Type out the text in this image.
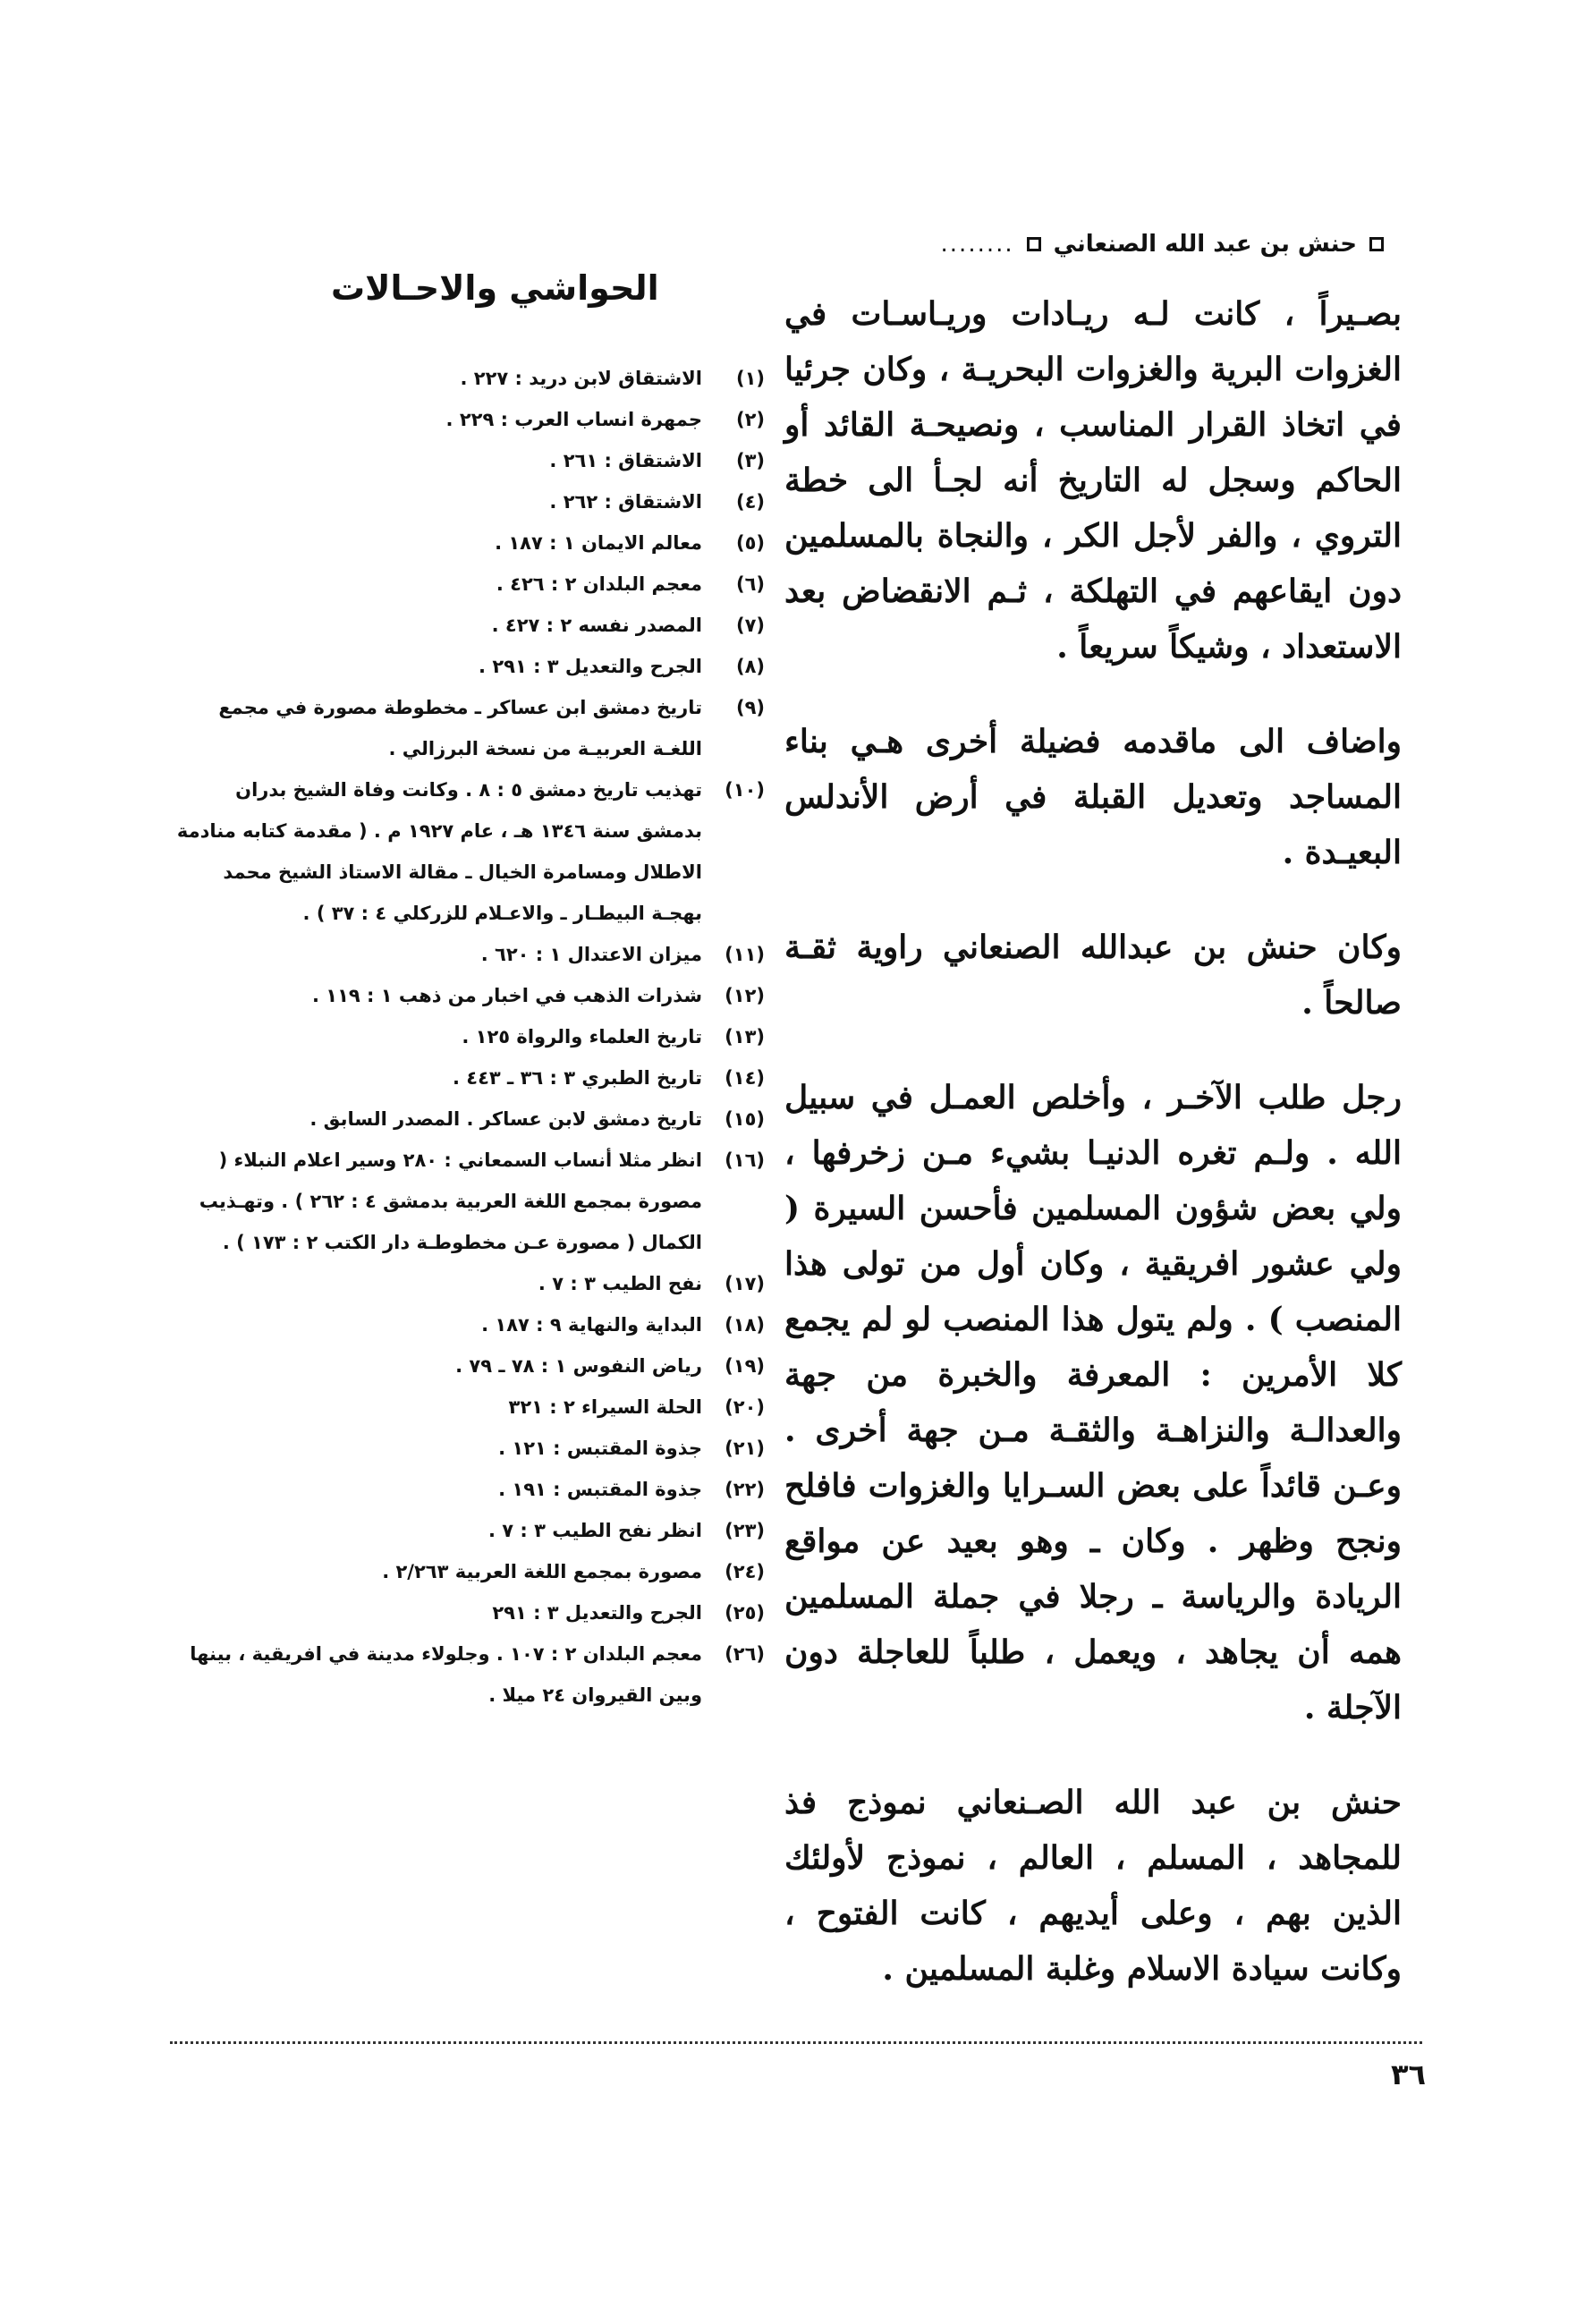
حنش بن عبد الله الصنعاني
........

بصـيراً ، كانت لـه ريـادات وريـاسـات في الغزوات البرية والغزوات البحريـة ، وكان جرئيا في اتخاذ القرار المناسب ، ونصيحـة القائد أو الحاكم وسجل له التاريخ أنه لجـأ الى خطة التروي ، والفر لأجل الكر ، والنجاة بالمسلمين دون ايقاعهم في التهلكة ، ثـم الانقضاض بعد الاستعداد ، وشيكاً سريعاً .

واضاف الى ماقدمه فضيلة أخرى هـي بناء المساجد وتعديل القبلة في أرض الأندلس البعيـدة .

وكان حنش بن عبدالله الصنعاني راوية ثقـة صالحاً .

رجل طلب الآخـر ، وأخلص العمـل في سبيل الله . ولـم تغره الدنيـا بشيء مـن زخرفها ، ولي بعض شؤون المسلمين فأحسن السيرة ( ولي عشور افريقية ، وكان أول من تولى هذا المنصب ) . ولم يتول هذا المنصب لو لم يجمع كلا الأمرين : المعرفة والخبرة من جهة والعدالـة والنزاهـة والثقـة مـن جهة أخرى . وعـن قائداً على بعض السـرايا والغزوات فافلح ونجح وظهر . وكان ـ وهو بعيد عن مواقع الريادة والرياسة ـ رجلا في جملة المسلمين همه أن يجاهد ، ويعمل ، طلباً للعاجلة دون الآجلة .

حنش بن عبد الله الصـنعاني نموذج فذ للمجاهد ، المسلم ، العالم ، نموذج لأولئك الذين بهم ، وعلى أيديهم ، كانت الفتوح ، وكانت سيادة الاسلام وغلبة المسلمين .

الحواشي والاحـالات
(١)
الاشتقاق لابن دريد : ٢٢٧ .
(٢)
جمهرة انساب العرب : ٢٢٩ .
(٣)
الاشتقاق : ٢٦١ .
(٤)
الاشتقاق : ٢٦٢ .
(٥)
معالم الايمان ١ : ١٨٧ .
(٦)
معجم البلدان ٢ : ٤٢٦ .
(٧)
المصدر نفسه ٢ : ٤٢٧ .
(٨)
الجرح والتعديل ٣ : ٢٩١ .
(٩)
تاريخ دمشق ابن عساكر ـ مخطوطة مصورة في مجمع اللغـة العربيـة من نسخة البرزالي .
(١٠)
تهذيب تاريخ دمشق ٥ : ٨ . وكانت وفاة الشيخ بدران بدمشق سنة ١٣٤٦ هـ ، عام ١٩٢٧ م . ( مقدمة كتابه منادمة الاطلال ومسامرة الخيال ـ مقالة الاستاذ الشيخ محمد بهجـة البيطـار ـ والاعـلام للزركلي ٤ : ٣٧ ) .
(١١)
ميزان الاعتدال ١ : ٦٢٠ .
(١٢)
شذرات الذهب في اخبار من ذهب ١ : ١١٩ .
(١٣)
تاريخ العلماء والرواة ١٢٥ .
(١٤)
تاريخ الطبري ٣ : ٣٦ ـ ٤٤٣ .
(١٥)
تاريخ دمشق لابن عساكر . المصدر السابق .
(١٦)
انظر مثلا أنساب السمعاني : ٢٨٠ وسير اعلام النبلاء ( مصورة بمجمع اللغة العربية بدمشق ٤ : ٢٦٢ ) . وتهـذيب الكمال ( مصورة عـن مخطوطـة دار الكتب ٢ : ١٧٣ ) .
(١٧)
نفح الطيب ٣ : ٧ .
(١٨)
البداية والنهاية ٩ : ١٨٧ .
(١٩)
رياض النفوس ١ : ٧٨ ـ ٧٩ .
(٢٠)
الحلة السيراء ٢ : ٣٢١
(٢١)
جذوة المقتبس : ١٢١ .
(٢٢)
جذوة المقتبس : ١٩١ .
(٢٣)
انظر نفح الطيب ٣ : ٧ .
(٢٤)
مصورة بمجمع اللغة العربية ٢/٢٦٣ .
(٢٥)
الجرح والتعديل ٣ : ٢٩١
(٢٦)
معجم البلدان ٢ : ١٠٧ . وجلولاء مدينة في افريقية ، بينها وبين القيروان ٢٤ ميلا .
٣٦
